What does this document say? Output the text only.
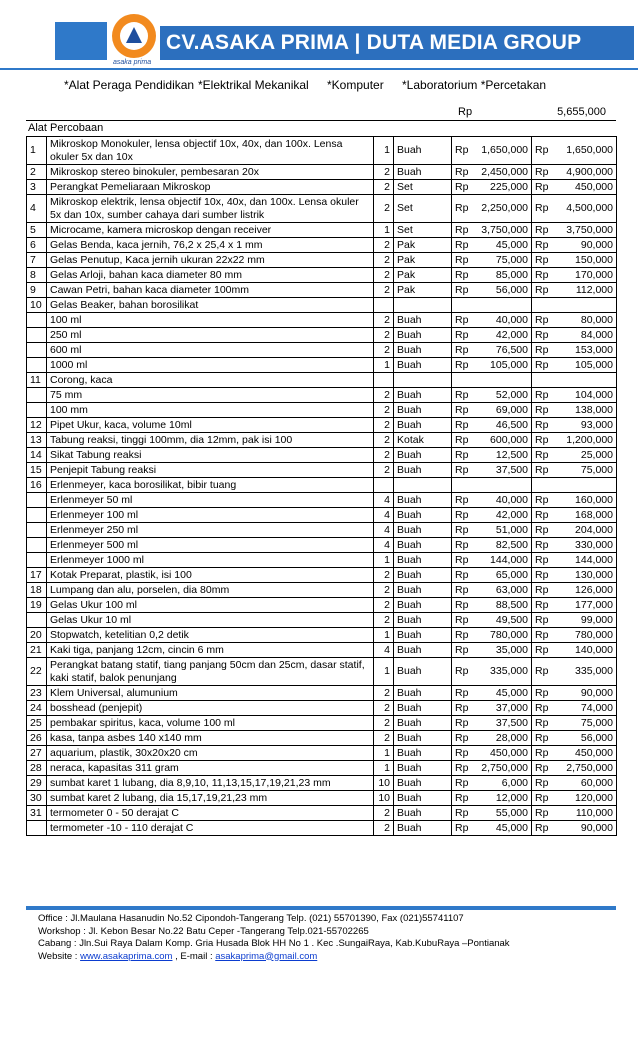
asaka prima
CV.ASAKA PRIMA | DUTA MEDIA GROUP
*Alat Peraga Pendidikan *Elektrikal Mekanikal *Komputer *Laboratorium *Percetakan
Rp	5,655,000
Alat Percobaan
1	Mikroskop Monokuler, lensa objectif 10x, 40x, dan 100x. Lensa okuler 5x dan 10x	1	Buah	Rp	1,650,000	Rp	1,650,000
2	Mikroskop stereo binokuler, pembesaran 20x	2	Buah	Rp	2,450,000	Rp	4,900,000
3	Perangkat Pemeliaraan Mikroskop	2	Set	Rp	225,000	Rp	450,000
4	Mikroskop elektrik, lensa objectif 10x, 40x, dan 100x. Lensa okuler 5x dan 10x, sumber cahaya dari sumber listrik	2	Set	Rp	2,250,000	Rp	4,500,000
5	Microcame, kamera microskop dengan receiver	1	Set	Rp	3,750,000	Rp	3,750,000
6	Gelas Benda, kaca jernih, 76,2 x 25,4 x 1 mm	2	Pak	Rp	45,000	Rp	90,000
7	Gelas Penutup, Kaca jernih ukuran 22x22 mm	2	Pak	Rp	75,000	Rp	150,000
8	Gelas Arloji, bahan kaca diameter 80 mm	2	Pak	Rp	85,000	Rp	170,000
9	Cawan Petri, bahan kaca diameter 100mm	2	Pak	Rp	56,000	Rp	112,000
10	Gelas Beaker, bahan borosilikat						
	100 ml	2	Buah	Rp	40,000	Rp	80,000
	250 ml	2	Buah	Rp	42,000	Rp	84,000
	600 ml	2	Buah	Rp	76,500	Rp	153,000
	1000 ml	1	Buah	Rp	105,000	Rp	105,000
11	Corong, kaca						
	75 mm	2	Buah	Rp	52,000	Rp	104,000
	100 mm	2	Buah	Rp	69,000	Rp	138,000
12	Pipet Ukur, kaca, volume 10ml	2	Buah	Rp	46,500	Rp	93,000
13	Tabung reaksi, tinggi 100mm, dia 12mm, pak isi 100	2	Kotak	Rp	600,000	Rp	1,200,000
14	Sikat Tabung reaksi	2	Buah	Rp	12,500	Rp	25,000
15	Penjepit Tabung reaksi	2	Buah	Rp	37,500	Rp	75,000
16	Erlenmeyer, kaca borosilikat, bibir tuang						
	Erlenmeyer 50 ml	4	Buah	Rp	40,000	Rp	160,000
	Erlenmeyer 100 ml	4	Buah	Rp	42,000	Rp	168,000
	Erlenmeyer 250 ml	4	Buah	Rp	51,000	Rp	204,000
	Erlenmeyer 500 ml	4	Buah	Rp	82,500	Rp	330,000
	Erlenmeyer 1000 ml	1	Buah	Rp	144,000	Rp	144,000
17	Kotak Preparat, plastik, isi 100	2	Buah	Rp	65,000	Rp	130,000
18	Lumpang dan alu, porselen, dia 80mm	2	Buah	Rp	63,000	Rp	126,000
19	Gelas Ukur 100 ml	2	Buah	Rp	88,500	Rp	177,000
	Gelas Ukur 10 ml	2	Buah	Rp	49,500	Rp	99,000
20	Stopwatch, ketelitian 0,2 detik	1	Buah	Rp	780,000	Rp	780,000
21	Kaki tiga, panjang 12cm, cincin 6 mm	4	Buah	Rp	35,000	Rp	140,000
22	Perangkat batang statif, tiang panjang 50cm dan 25cm, dasar statif, kaki statif, balok penunjang	1	Buah	Rp	335,000	Rp	335,000
23	Klem Universal, alumunium	2	Buah	Rp	45,000	Rp	90,000
24	bosshead (penjepit)	2	Buah	Rp	37,000	Rp	74,000
25	pembakar spiritus, kaca, volume 100 ml	2	Buah	Rp	37,500	Rp	75,000
26	kasa, tanpa asbes 140 x140 mm	2	Buah	Rp	28,000	Rp	56,000
27	aquarium, plastik, 30x20x20 cm	1	Buah	Rp	450,000	Rp	450,000
28	neraca, kapasitas 311 gram	1	Buah	Rp	2,750,000	Rp	2,750,000
29	sumbat karet 1 lubang, dia 8,9,10, 11,13,15,17,19,21,23 mm	10	Buah	Rp	6,000	Rp	60,000
30	sumbat karet 2 lubang, dia 15,17,19,21,23 mm	10	Buah	Rp	12,000	Rp	120,000
31	termometer 0 - 50 derajat C	2	Buah	Rp	55,000	Rp	110,000
	termometer -10 - 110 derajat C	2	Buah	Rp	45,000	Rp	90,000
Office : Jl.Maulana Hasanudin No.52 Cipondoh-Tangerang Telp. (021) 55701390, Fax (021)55741107
Workshop : Jl. Kebon Besar No.22 Batu Ceper -Tangerang Telp.021-55702265
Cabang : Jln.Sui Raya Dalam Komp. Gria Husada Blok HH No 1 . Kec .SungaiRaya, Kab.KubuRaya –Pontianak
Website : www.asakaprima.com , E-mail : asakaprima@gmail.com
